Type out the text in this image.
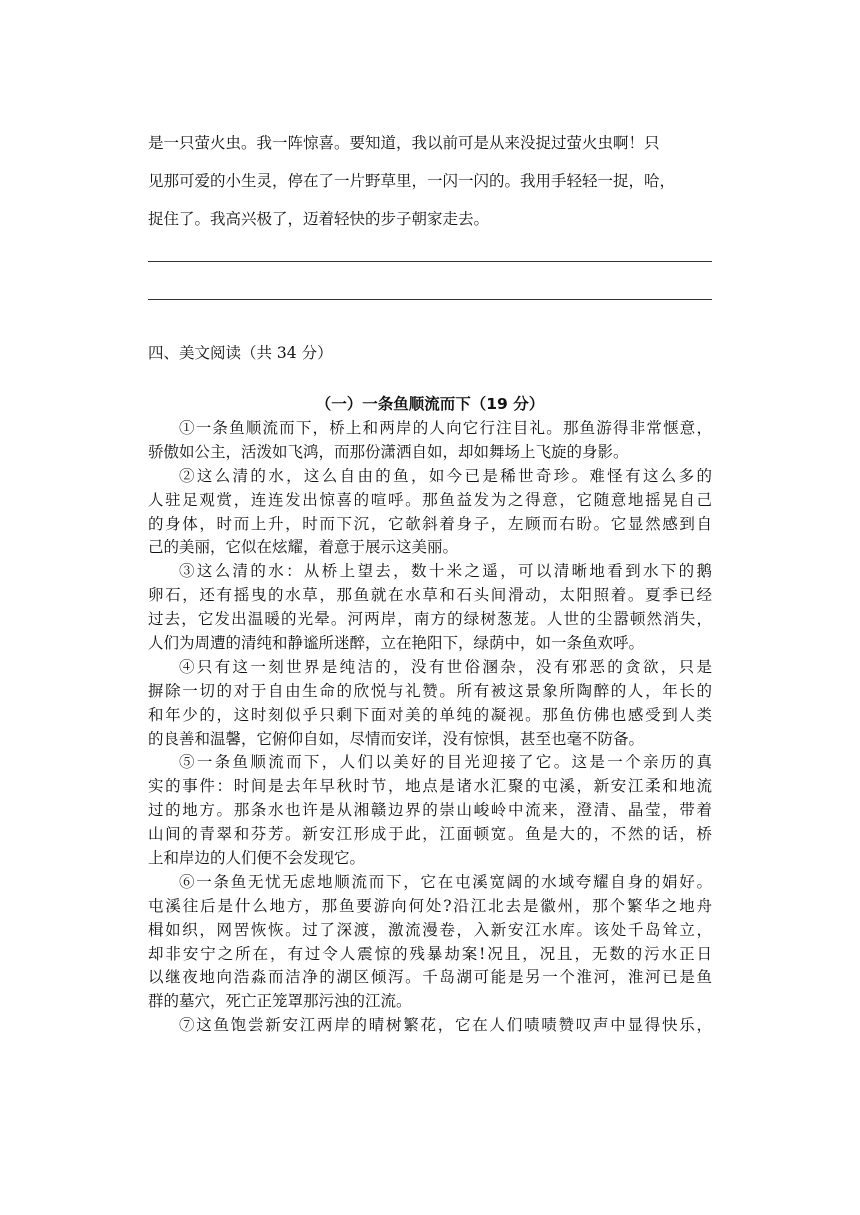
是一只萤火虫。我一阵惊喜。要知道，我以前可是从来没捉过萤火虫啊！只

见那可爱的小生灵，停在了一片野草里，一闪一闪的。我用手轻轻一捉，哈，

捉住了。我高兴极了，迈着轻快的步子朝家走去。

四、美文阅读（共 34 分）
（一）一条鱼顺流而下（19 分）
①一条鱼顺流而下，桥上和两岸的人向它行注目礼。那鱼游得非常惬意，
骄傲如公主，活泼如飞鸿，而那份潇洒自如，却如舞场上飞旋的身影。
②这么清的水，这么自由的鱼，如今已是稀世奇珍。难怪有这么多的
人驻足观赏，连连发出惊喜的喧呼。那鱼益发为之得意，它随意地摇晃自己
的身体，时而上升，时而下沉，它欹斜着身子，左顾而右盼。它显然感到自
己的美丽，它似在炫耀，着意于展示这美丽。
③这么清的水：从桥上望去，数十米之遥，可以清晰地看到水下的鹅
卵石，还有摇曳的水草，那鱼就在水草和石头间滑动，太阳照着。夏季已经
过去，它发出温暖的光晕。河两岸，南方的绿树葱茏。人世的尘嚣顿然消失，
人们为周遭的清纯和静谧所迷醉，立在艳阳下，绿荫中，如一条鱼欢呼。
④只有这一刻世界是纯洁的，没有世俗溷杂，没有邪恶的贪欲，只是
摒除一切的对于自由生命的欣悦与礼赞。所有被这景象所陶醉的人，年长的
和年少的，这时刻似乎只剩下面对美的单纯的凝视。那鱼仿佛也感受到人类
的良善和温馨，它俯仰自如，尽情而安详，没有惊惧，甚至也毫不防备。
⑤一条鱼顺流而下，人们以美好的目光迎接了它。这是一个亲历的真
实的事件：时间是去年早秋时节，地点是诸水汇聚的屯溪，新安江柔和地流
过的地方。那条水也许是从湘赣边界的崇山峻岭中流来，澄清、晶莹，带着
山间的青翠和芬芳。新安江形成于此，江面顿宽。鱼是大的，不然的话，桥
上和岸边的人们便不会发现它。
⑥一条鱼无忧无虑地顺流而下，它在屯溪宽阔的水域夸耀自身的娟好。
屯溪往后是什么地方，那鱼要游向何处?沿江北去是徽州，那个繁华之地舟
楫如织，网罟恢恢。过了深渡，激流漫卷，入新安江水库。该处千岛耸立，
却非安宁之所在，有过令人震惊的残暴劫案!况且，况且，无数的污水正日
以继夜地向浩淼而洁净的湖区倾泻。千岛湖可能是另一个淮河，淮河已是鱼
群的墓穴，死亡正笼罩那污浊的江流。
⑦这鱼饱尝新安江两岸的晴树繁花，它在人们啧啧赞叹声中显得快乐，
